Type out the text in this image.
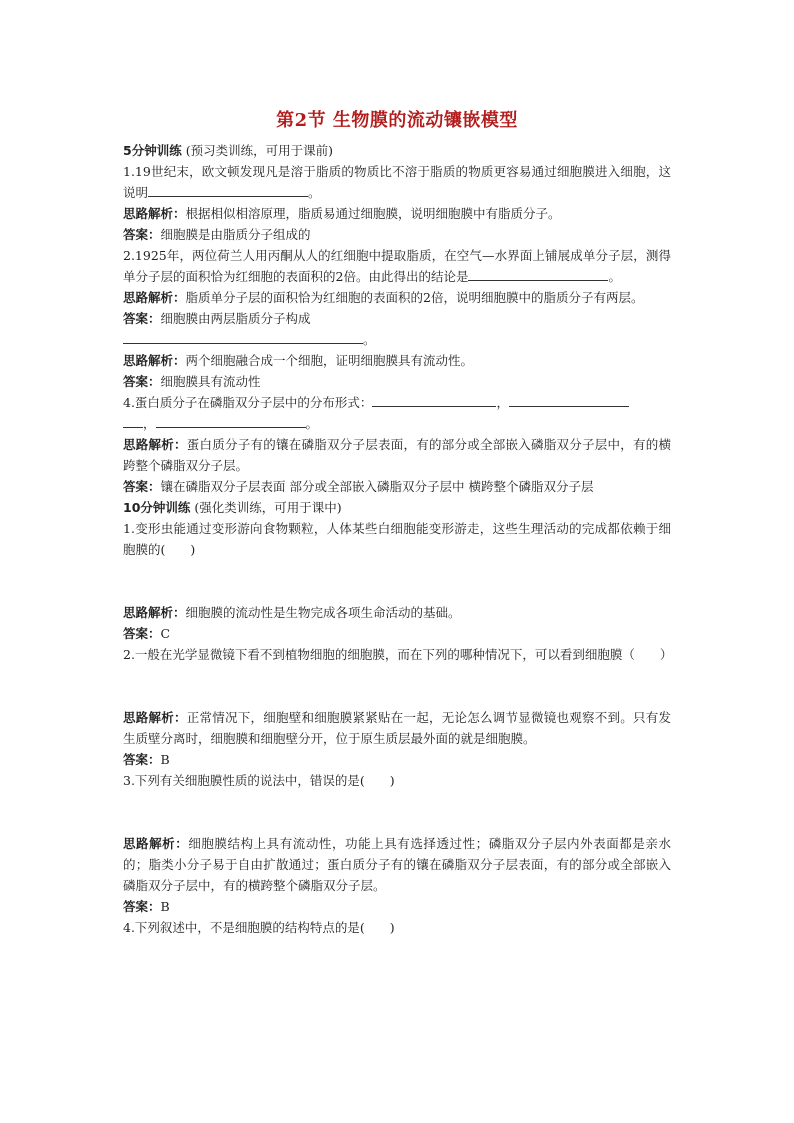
第2节 生物膜的流动镶嵌模型

5分钟训练 (预习类训练，可用于课前)

1.19世纪末，欧文顿发现凡是溶于脂质的物质比不溶于脂质的物质更容易通过细胞膜进入细胞，这说明	。

思路解析：根据相似相溶原理，脂质易通过细胞膜，说明细胞膜中有脂质分子。

答案：细胞膜是由脂质分子组成的

2.1925年，两位荷兰人用丙酮从人的红细胞中提取脂质，在空气—水界面上铺展成单分子层，测得单分子层的面积恰为红细胞的表面积的2倍。由此得出的结论是	。

思路解析：脂质单分子层的面积恰为红细胞的表面积的2倍，说明细胞膜中的脂质分子有两层。

答案：细胞膜由两层脂质分子构成

。

思路解析：两个细胞融合成一个细胞，证明细胞膜具有流动性。

答案：细胞膜具有流动性

4.蛋白质分子在磷脂双分子层中的分布形式：	，
，	。

思路解析：蛋白质分子有的镶在磷脂双分子层表面，有的部分或全部嵌入磷脂双分子层中，有的横跨整个磷脂双分子层。

答案：镶在磷脂双分子层表面 部分或全部嵌入磷脂双分子层中 横跨整个磷脂双分子层

10分钟训练 (强化类训练，可用于课中)

1.变形虫能通过变形游向食物颗粒，人体某些白细胞能变形游走，这些生理活动的完成都依赖于细胞膜的(　　)

思路解析：细胞膜的流动性是生物完成各项生命活动的基础。

答案：C

2.一般在光学显微镜下看不到植物细胞的细胞膜，而在下列的哪种情况下，可以看到细胞膜（　　）

思路解析：正常情况下，细胞壁和细胞膜紧紧贴在一起，无论怎么调节显微镜也观察不到。只有发生质壁分离时，细胞膜和细胞壁分开，位于原生质层最外面的就是细胞膜。

答案：B

3.下列有关细胞膜性质的说法中，错误的是(　　)

思路解析：细胞膜结构上具有流动性，功能上具有选择透过性；磷脂双分子层内外表面都是亲水的；脂类小分子易于自由扩散通过；蛋白质分子有的镶在磷脂双分子层表面，有的部分或全部嵌入磷脂双分子层中，有的横跨整个磷脂双分子层。

答案：B

4.下列叙述中，不是细胞膜的结构特点的是(　　)
